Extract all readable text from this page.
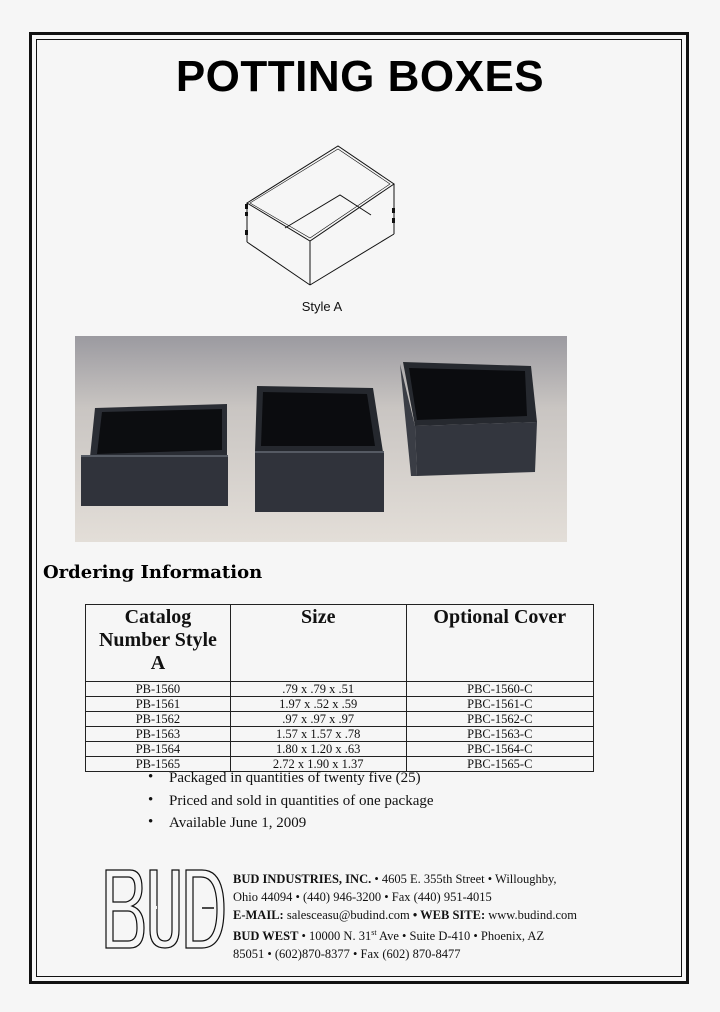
POTTING BOXES
Style A
Ordering Information
Catalog Number Style A	Size	Optional Cover
PB-1560	.79 x .79 x .51	PBC-1560-C
PB-1561	1.97 x .52 x .59	PBC-1561-C
PB-1562	.97 x .97 x .97	PBC-1562-C
PB-1563	1.57 x 1.57 x .78	PBC-1563-C
PB-1564	1.80 x 1.20 x .63	PBC-1564-C
PB-1565	2.72 x 1.90 x 1.37	PBC-1565-C
• Packaged in quantities of twenty five (25)
• Priced and sold in quantities of one package
• Available June 1, 2009
BUD INDUSTRIES, INC. • 4605 E. 355th Street • Willoughby,
Ohio 44094 • (440) 946-3200 • Fax (440) 951-4015
E-MAIL: salesceasu@budind.com • WEB SITE: www.budind.com
BUD WEST • 10000 N. 31st Ave • Suite D-410 • Phoenix, AZ
85051 • (602)870-8377 • Fax (602) 870-8477
